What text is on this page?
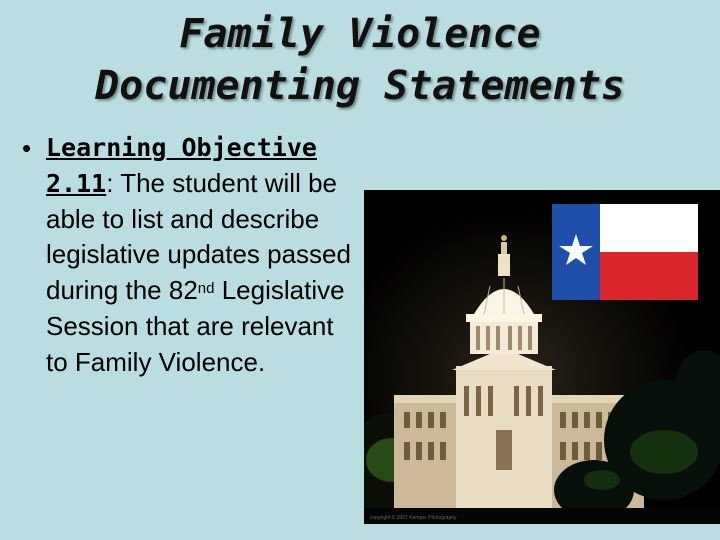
Family Violence
Documenting Statements
• Learning Objective 2.11: The student will be able to list and describe legislative updates passed during the 82nd Legislative Session that are relevant to Family Violence.
copyright © 2007 Kemper Photography
